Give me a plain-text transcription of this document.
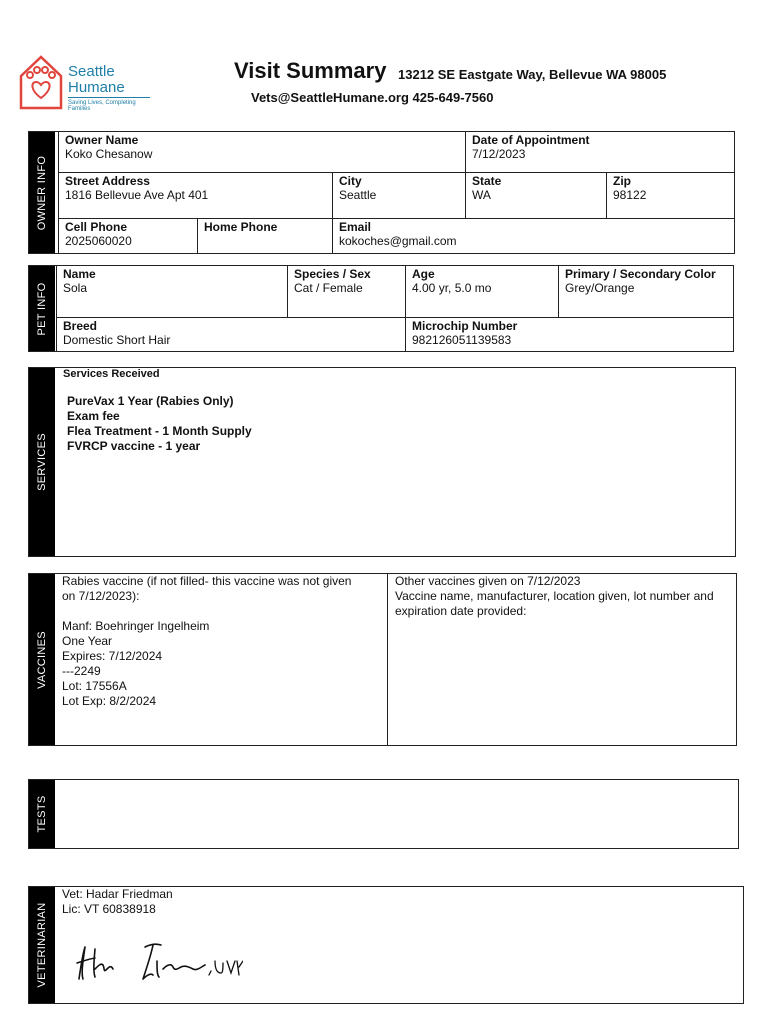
Seattle
Humane
Saving Lives, Completing Families
Visit Summary 13212 SE Eastgate Way, Bellevue WA 98005
Vets@SeattleHumane.org 425-649-7560
OWNER INFO
Owner Name
Koko Chesanow
Date of Appointment
7/12/2023
Street Address
1816 Bellevue Ave Apt 401
City
Seattle
State
WA
Zip
98122
Cell Phone
2025060020
Home Phone	Email
kokoches@gmail.com
PET INFO
Name
Sola
Species / Sex
Cat / Female
Age
4.00 yr, 5.0 mo
Primary / Secondary Color
Grey/Orange
Breed
Domestic Short Hair
Microchip Number
982126051139583
SERVICES
Services Received
PureVax 1 Year (Rabies Only)
Exam fee
Flea Treatment - 1 Month Supply
FVRCP vaccine - 1 year
VACCINES
Rabies vaccine (if not filled- this vaccine was not given
on 7/12/2023):
Manf: Boehringer Ingelheim
One Year
Expires: 7/12/2024
---2249
Lot: 17556A
Lot Exp: 8/2/2024
Other vaccines given on 7/12/2023
Vaccine name, manufacturer, location given, lot number and
expiration date provided:
TESTS
VETERINARIAN
Vet: Hadar Friedman
Lic: VT 60838918
